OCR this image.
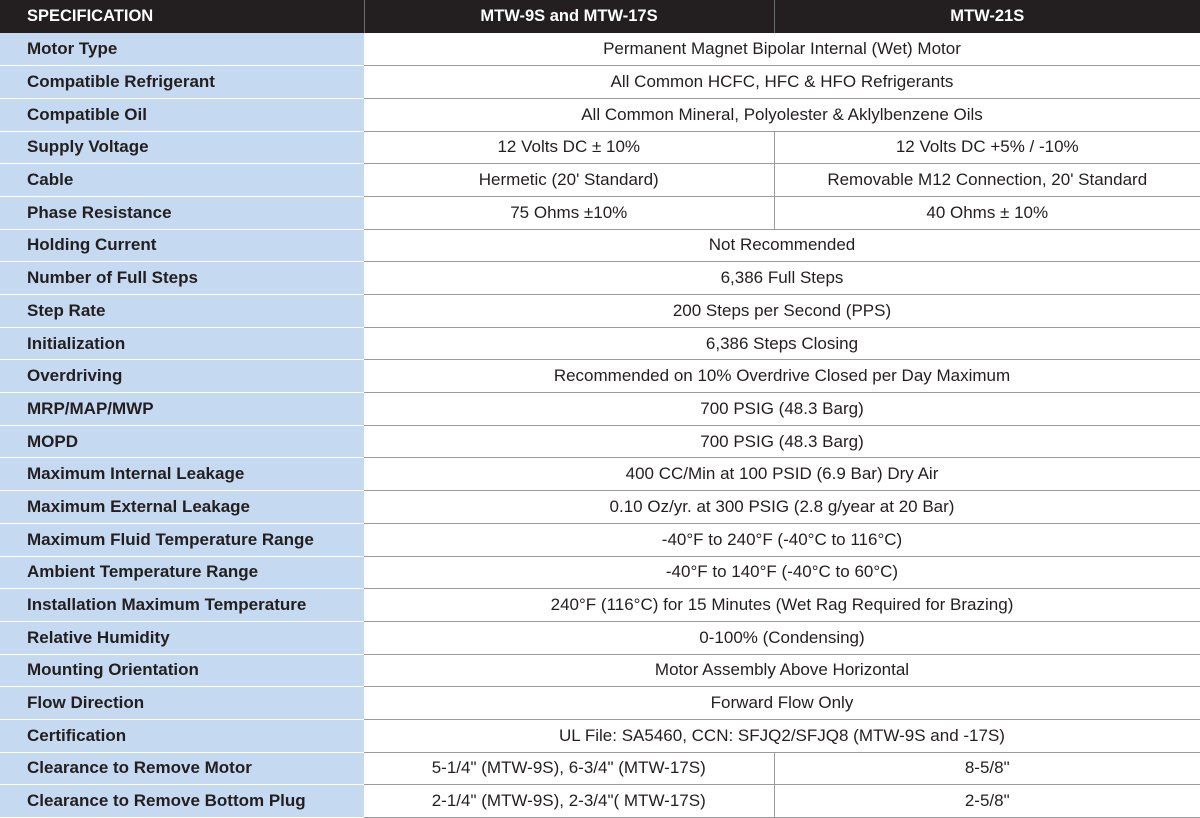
SPECIFICATION	MTW-9S and MTW-17S	MTW-21S
Motor Type	Permanent Magnet Bipolar Internal (Wet) Motor	
Compatible Refrigerant	All Common HCFC, HFC & HFO Refrigerants	
Compatible Oil	All Common Mineral, Polyolester & Aklylbenzene Oils	
Supply Voltage	12 Volts DC ± 10%	12 Volts DC +5% / -10%
Cable	Hermetic (20' Standard)	Removable M12 Connection, 20' Standard
Phase Resistance	75 Ohms ±10%	40 Ohms ± 10%
Holding Current	Not Recommended	
Number of Full Steps	6,386 Full Steps	
Step Rate	200 Steps per Second (PPS)	
Initialization	6,386 Steps Closing	
Overdriving	Recommended on 10% Overdrive Closed per Day Maximum	
MRP/MAP/MWP	700 PSIG (48.3 Barg)	
MOPD	700 PSIG (48.3 Barg)	
Maximum Internal Leakage	400 CC/Min at 100 PSID (6.9 Bar) Dry Air	
Maximum External Leakage	0.10 Oz/yr. at 300 PSIG (2.8 g/year at 20 Bar)	
Maximum Fluid Temperature Range	-40°F to 240°F (-40°C to 116°C)	
Ambient Temperature Range	-40°F to 140°F (-40°C to 60°C)	
Installation Maximum Temperature	240°F (116°C) for 15 Minutes (Wet Rag Required for Brazing)	
Relative Humidity	0-100% (Condensing)	
Mounting Orientation	Motor Assembly Above Horizontal	
Flow Direction	Forward Flow Only	
Certification	UL File: SA5460, CCN: SFJQ2/SFJQ8 (MTW-9S and -17S)	
Clearance to Remove Motor	5-1/4" (MTW-9S), 6-3/4" (MTW-17S)	8-5/8"
Clearance to Remove Bottom Plug	2-1/4" (MTW-9S), 2-3/4"( MTW-17S)	2-5/8"
